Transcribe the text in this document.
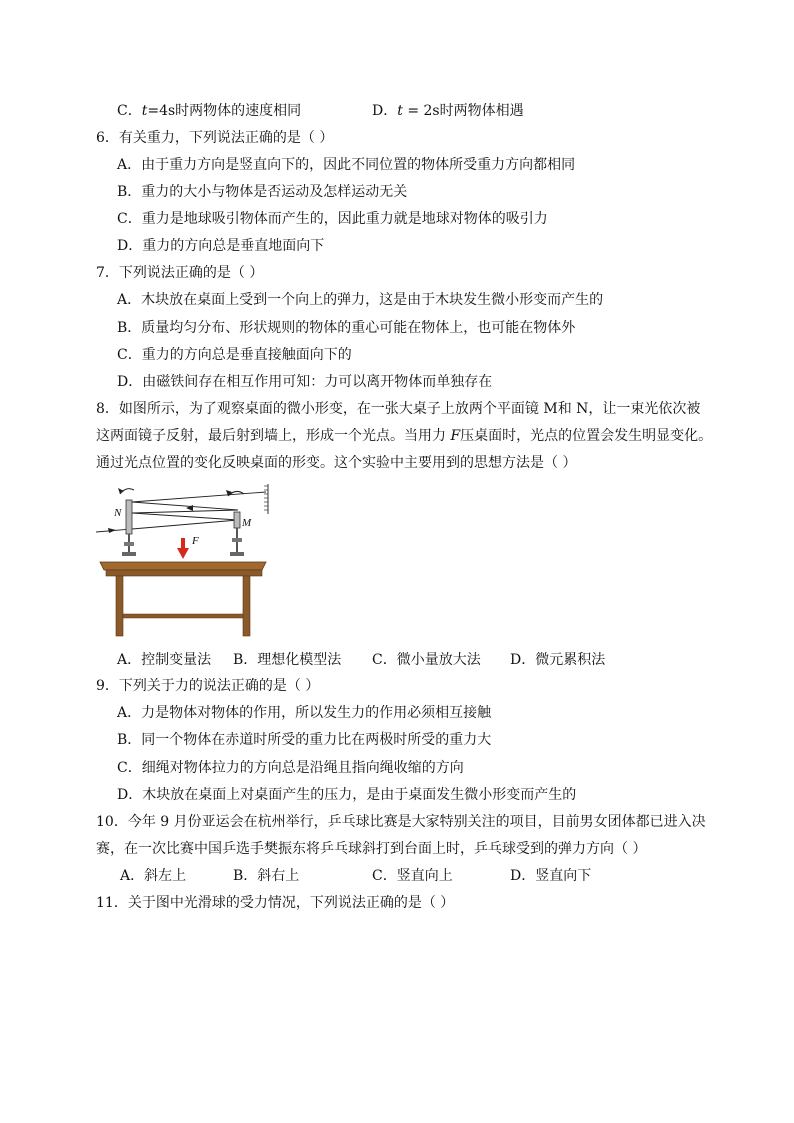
C．t=4s时两物体的速度相同	D．t = 2s时两物体相遇
6．有关重力，下列说法正确的是（ ）
A．由于重力方向是竖直向下的，因此不同位置的物体所受重力方向都相同
B．重力的大小与物体是否运动及怎样运动无关
C．重力是地球吸引物体而产生的，因此重力就是地球对物体的吸引力
D．重力的方向总是垂直地面向下
7．下列说法正确的是（ ）
A．木块放在桌面上受到一个向上的弹力，这是由于木块发生微小形变而产生的
B．质量均匀分布、形状规则的物体的重心可能在物体上，也可能在物体外
C．重力的方向总是垂直接触面向下的
D．由磁铁间存在相互作用可知：力可以离开物体而单独存在
8．如图所示，为了观察桌面的微小形变，在一张大桌子上放两个平面镜 M和 N，让一束光依次被
这两面镜子反射，最后射到墙上，形成一个光点。当用力 F压桌面时，光点的位置会发生明显变化。
通过光点位置的变化反映桌面的形变。这个实验中主要用到的思想方法是（ ）
N
M
F
A．控制变量法 B．理想化模型法 C．微小量放大法 D．微元累积法
9．下列关于力的说法正确的是（ ）
A．力是物体对物体的作用，所以发生力的作用必须相互接触
B．同一个物体在赤道时所受的重力比在两极时所受的重力大
C．细绳对物体拉力的方向总是沿绳且指向绳收缩的方向
D．木块放在桌面上对桌面产生的压力，是由于桌面发生微小形变而产生的
10．今年 9 月份亚运会在杭州举行，乒乓球比赛是大家特别关注的项目，目前男女团体都已进入决
赛，在一次比赛中国乒选手樊振东将乒乓球斜打到台面上时，乒乓球受到的弹力方向（ ）
A．斜左上	B．斜右上	C．竖直向上	D．竖直向下
11．关于图中光滑球的受力情况，下列说法正确的是（ ）
